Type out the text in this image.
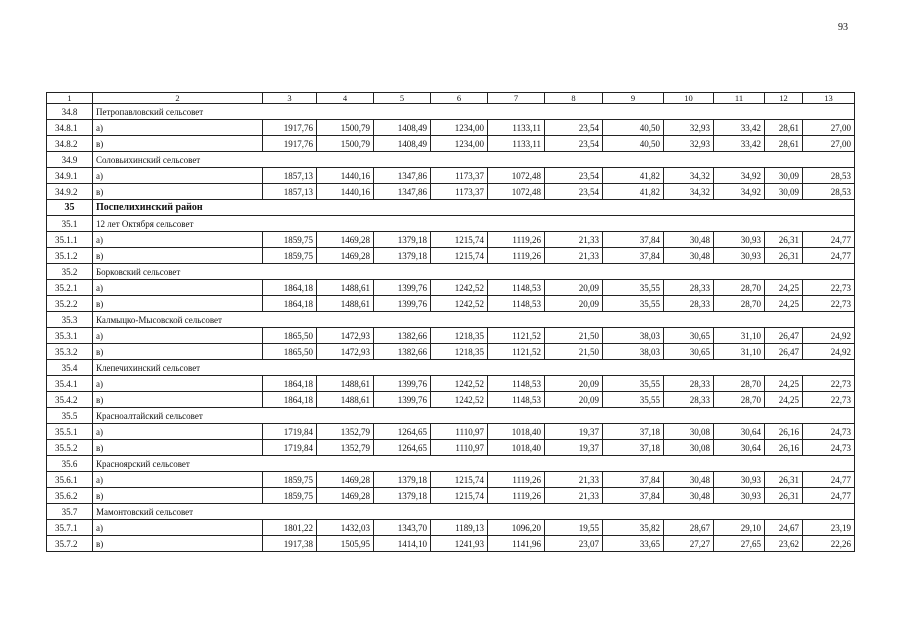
93
1	2	3	4	5	6	7	8	9	10	11	12	13
34.8	Петропавловский сельсовет											
34.8.1	а)	1917,76	1500,79	1408,49	1234,00	1133,11	23,54	40,50	32,93	33,42	28,61	27,00
34.8.2	в)	1917,76	1500,79	1408,49	1234,00	1133,11	23,54	40,50	32,93	33,42	28,61	27,00
34.9	Соловьихинский сельсовет											
34.9.1	а)	1857,13	1440,16	1347,86	1173,37	1072,48	23,54	41,82	34,32	34,92	30,09	28,53
34.9.2	в)	1857,13	1440,16	1347,86	1173,37	1072,48	23,54	41,82	34,32	34,92	30,09	28,53
35	Поспелихинский район											
35.1	12 лет Октября сельсовет											
35.1.1	а)	1859,75	1469,28	1379,18	1215,74	1119,26	21,33	37,84	30,48	30,93	26,31	24,77
35.1.2	в)	1859,75	1469,28	1379,18	1215,74	1119,26	21,33	37,84	30,48	30,93	26,31	24,77
35.2	Борковский сельсовет											
35.2.1	а)	1864,18	1488,61	1399,76	1242,52	1148,53	20,09	35,55	28,33	28,70	24,25	22,73
35.2.2	в)	1864,18	1488,61	1399,76	1242,52	1148,53	20,09	35,55	28,33	28,70	24,25	22,73
35.3	Калмыцко-Мысовской сельсовет											
35.3.1	а)	1865,50	1472,93	1382,66	1218,35	1121,52	21,50	38,03	30,65	31,10	26,47	24,92
35.3.2	в)	1865,50	1472,93	1382,66	1218,35	1121,52	21,50	38,03	30,65	31,10	26,47	24,92
35.4	Клепечихинский сельсовет											
35.4.1	а)	1864,18	1488,61	1399,76	1242,52	1148,53	20,09	35,55	28,33	28,70	24,25	22,73
35.4.2	в)	1864,18	1488,61	1399,76	1242,52	1148,53	20,09	35,55	28,33	28,70	24,25	22,73
35.5	Красноалтайский сельсовет											
35.5.1	а)	1719,84	1352,79	1264,65	1110,97	1018,40	19,37	37,18	30,08	30,64	26,16	24,73
35.5.2	в)	1719,84	1352,79	1264,65	1110,97	1018,40	19,37	37,18	30,08	30,64	26,16	24,73
35.6	Красноярский сельсовет											
35.6.1	а)	1859,75	1469,28	1379,18	1215,74	1119,26	21,33	37,84	30,48	30,93	26,31	24,77
35.6.2	в)	1859,75	1469,28	1379,18	1215,74	1119,26	21,33	37,84	30,48	30,93	26,31	24,77
35.7	Мамонтовский сельсовет											
35.7.1	а)	1801,22	1432,03	1343,70	1189,13	1096,20	19,55	35,82	28,67	29,10	24,67	23,19
35.7.2	в)	1917,38	1505,95	1414,10	1241,93	1141,96	23,07	33,65	27,27	27,65	23,62	22,26
